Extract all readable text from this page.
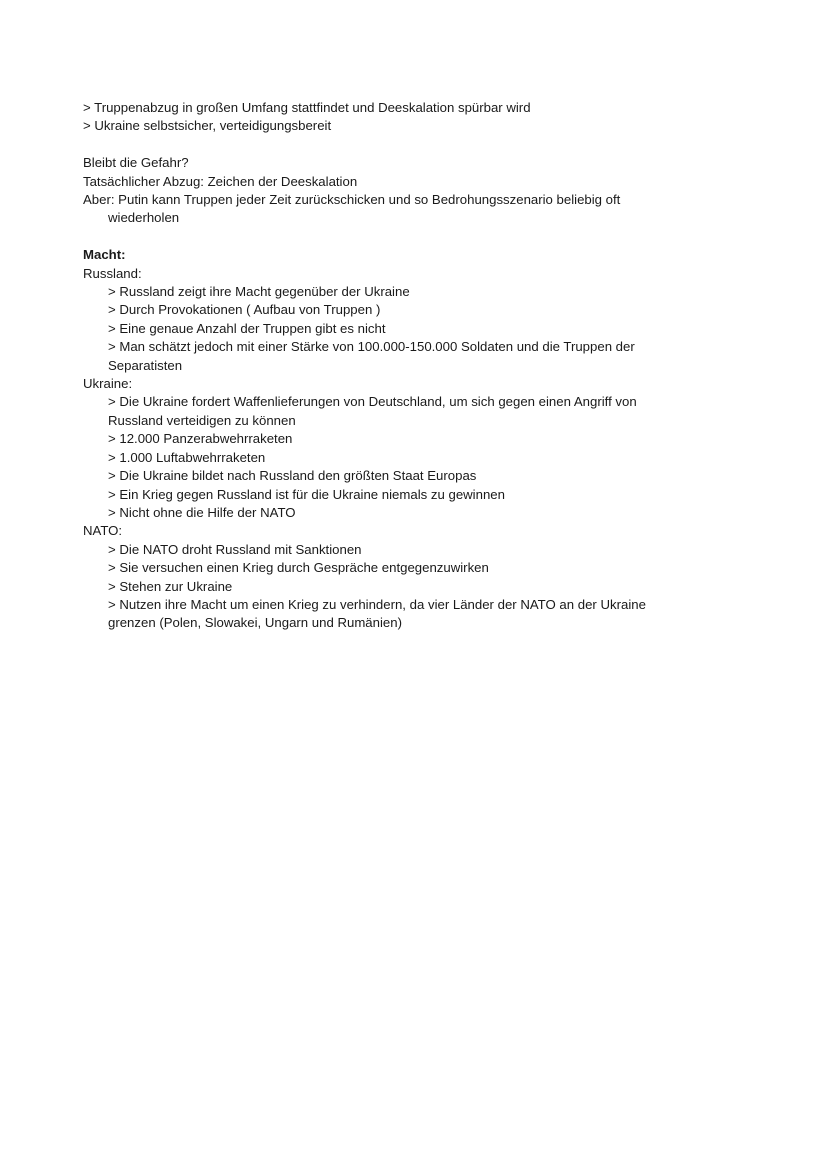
> Truppenabzug in großen Umfang stattfindet und Deeskalation spürbar wird

> Ukraine selbstsicher, verteidigungsbereit

Bleibt die Gefahr?

Tatsächlicher Abzug: Zeichen der Deeskalation

Aber: Putin kann Truppen jeder Zeit zurückschicken und so Bedrohungsszenario beliebig oft wiederholen

Macht:

Russland:

> Russland zeigt ihre Macht gegenüber der Ukraine

> Durch Provokationen ( Aufbau von Truppen )

> Eine genaue Anzahl der Truppen gibt es nicht

> Man schätzt jedoch mit einer Stärke von 100.000-150.000 Soldaten und die Truppen der Separatisten

Ukraine:

> Die Ukraine fordert Waffenlieferungen von Deutschland, um sich gegen einen Angriff von Russland verteidigen zu können

> 12.000 Panzerabwehrraketen

> 1.000 Luftabwehrraketen

> Die Ukraine bildet nach Russland den größten Staat Europas

> Ein Krieg gegen Russland ist für die Ukraine niemals zu gewinnen

> Nicht ohne die Hilfe der NATO

NATO:

> Die NATO droht Russland mit Sanktionen

> Sie versuchen einen Krieg durch Gespräche entgegenzuwirken

> Stehen zur Ukraine

> Nutzen ihre Macht um einen Krieg zu verhindern, da vier Länder der NATO an der Ukraine grenzen (Polen, Slowakei, Ungarn und Rumänien)
